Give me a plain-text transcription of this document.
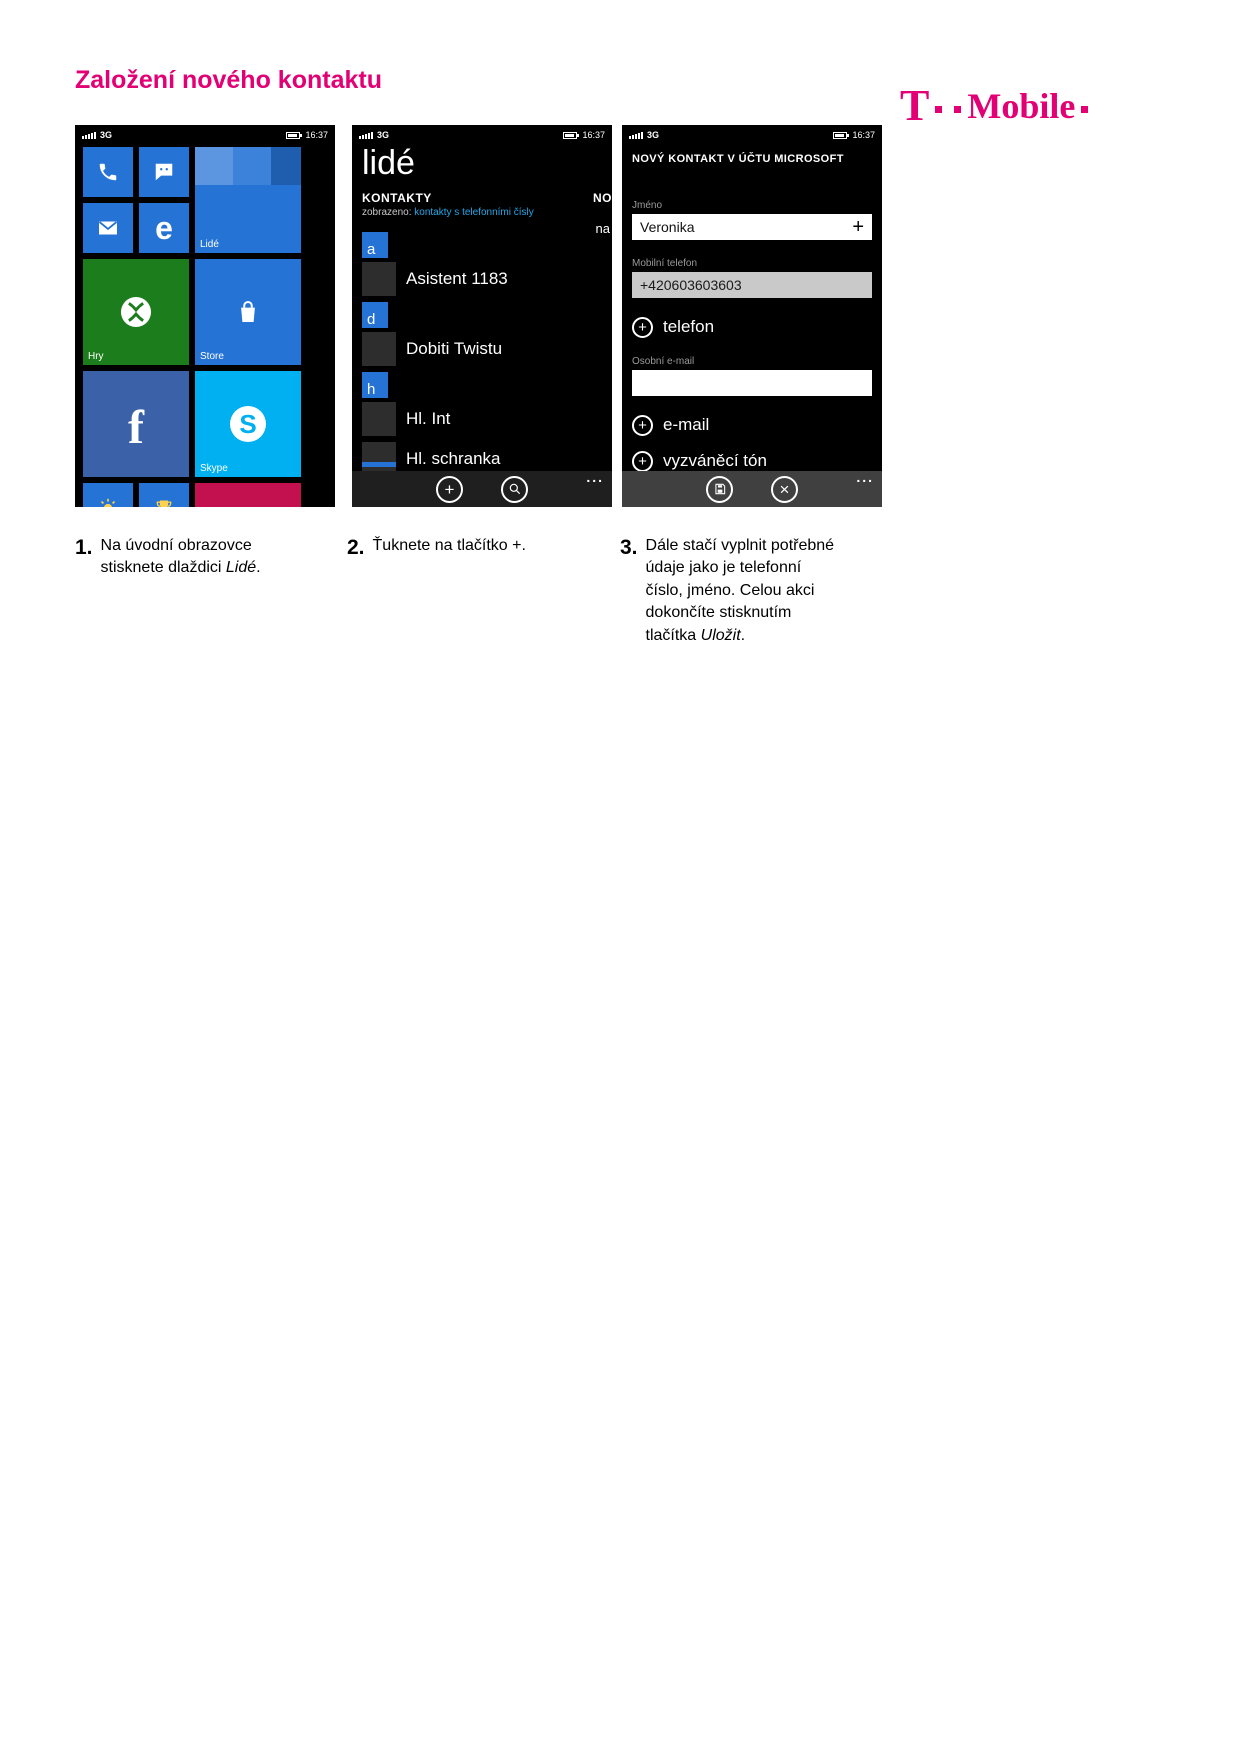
Založení nového kontaktu
T Mobile
3G	16:37
Lidé
e
Hry	Store
f	S
Skype
3G	16:37
lidé
KONTAKTY	NO
zobrazeno: kontakty s telefonními čísly
na
a
Asistent 1183
d
Dobiti Twistu
h
Hl. Int
Hl. schranka
+
...
3G	16:37
NOVÝ KONTAKT V ÚČTU MICROSOFT
Jméno
Veronika	+
Mobilní telefon
+420603603603
+ telefon
Osobní e-mail
+ e-mail
+ vyzváněcí tón
×
...
1. Na úvodní obrazovce stisknete dlaždici Lidé.

2. Ťuknete na tlačítko +.	3. Dále stačí vyplnit potřebné údaje jako je telefonní číslo, jméno. Celou akci dokončíte stisknutím tlačítka Uložit.
